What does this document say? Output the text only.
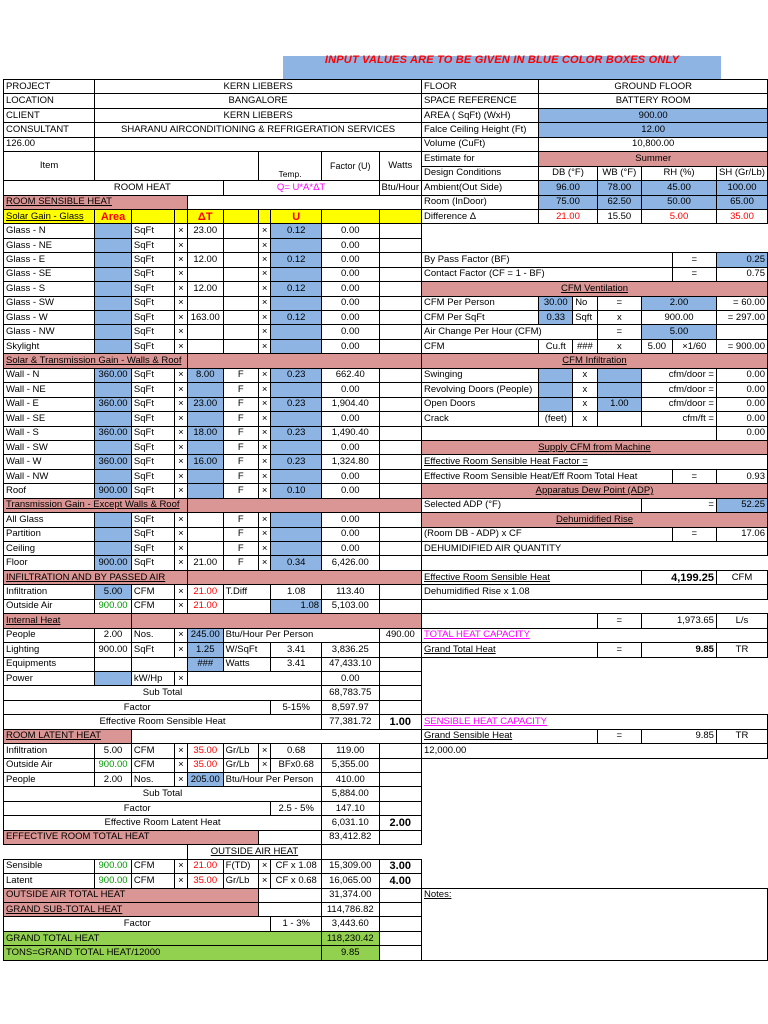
INPUT VALUES ARE TO BE GIVEN IN BLUE COLOR BOXES ONLY
PROJECT	KERN LIEBERS									FLOOR	GROUND FLOOR					
LOCATION	BANGALORE									SPACE REFERENCE	BATTERY ROOM					
CLIENT	KERN LIEBERS									AREA ( SqFt) (WxH)	900.00					
CONSULTANT	SHARANU AIRCONDITIONING & REFRIGERATION SERVICES									Falce Ceiling Height (Ft)	12.00					
126.00										Volume (CuFt)	10,800.00					
Item						Temp.		Factor (U)	Watts	Estimate for	Summer					
										Design Conditions	DB (°F)		WB (°F)	RH (%)		SH (Gr/Lb)
ROOM HEAT					Q= U*A*ΔT				Btu/Hour	Ambient(Out Side)	96.00		78.00	45.00		100.00
ROOM SENSIBLE HEAT										Room (InDoor)	75.00		62.50	50.00		65.00
Solar Gain - Glass	Area			ΔT			U			Difference Δ	21.00		15.50	5.00		35.00
Glass - N		SqFt	×	23.00		×	0.12	0.00								
Glass - NE		SqFt	×			×		0.00								
Glass - E		SqFt	×	12.00		×	0.12	0.00		By Pass Factor (BF)					=	0.25
Glass - SE		SqFt	×			×		0.00		Contact Factor (CF = 1 - BF)					=	0.75
Glass - S		SqFt	×	12.00		×	0.12	0.00		CFM Ventilation						
Glass - SW		SqFt	×			×		0.00		CFM Per Person	30.00	No	=	2.00		= 60.00
Glass - W		SqFt	×	163.00		×	0.12	0.00		CFM Per SqFt	0.33	Sqft	x	900.00		= 297.00
Glass - NW		SqFt	×			×		0.00		Air Change Per Hour (CFM)			=	5.00		
Skylight		SqFt	×			×		0.00		CFM	Cu.ft	###	x	5.00	×1/60	= 900.00
Solar & Transmission Gain - Walls & Roof										CFM Infiltration						
Wall - N	360.00	SqFt	×	8.00	F	×	0.23	662.40		Swinging		x		cfm/door =		0.00
Wall - NE		SqFt	×		F	×		0.00		Revolving Doors (People)		x		cfm/door =		0.00
Wall - E	360.00	SqFt	×	23.00	F	×	0.23	1,904.40		Open Doors		x	1.00	cfm/door =		0.00
Wall - SE		SqFt	×		F	×		0.00		Crack	(feet)	x		cfm/ft =		0.00
Wall - S	360.00	SqFt	×	18.00	F	×	0.23	1,490.40								0.00
Wall - SW		SqFt	×		F	×		0.00		Supply CFM from Machine						
Wall - W	360.00	SqFt	×	16.00	F	×	0.23	1,324.80		Effective Room Sensible Heat Factor =						
Wall - NW		SqFt	×		F	×		0.00		Effective Room Sensible Heat/Eff Room Total Heat					=	0.93
Roof	900.00	SqFt	×		F	×	0.10	0.00		Apparatus Dew Point (ADP)						
Transmission Gain - Except Walls & Roof										Selected ADP (°F)				=		52.25
All Glass		SqFt	×		F	×		0.00		Dehumidified Rise						
Partition		SqFt	×		F	×		0.00		(Room DB - ADP) x CF					=	17.06
Ceiling		SqFt	×		F	×		0.00		DEHUMIDIFIED AIR QUANTITY						
Floor	900.00	SqFt	×	21.00	F	×	0.34	6,426.00								
INFILTRATION AND BY PASSED AIR										Effective Room Sensible Heat				4,199.25		CFM
Infiltration	5.00	CFM	×	21.00	T.Diff		1.08	113.40		Dehumidified Rise x 1.08						
Outside Air	900.00	CFM	×	21.00			1.08	5,103.00								
Internal Heat													=	1,973.65		L/s
People	2.00	Nos.	×	245.00	Btu/Hour Per Person				490.00	TOTAL HEAT CAPACITY						
Lighting	900.00	SqFt	×	1.25	W/SqFt		3.41	3,836.25		Grand Total Heat			=	9.85		TR
Equipments				###	Watts		3.41	47,433.10								
Power		kW/Hp	×					0.00								
Sub Total								68,783.75								
Factor							5-15%	8,597.97								
Effective Room Sensible Heat								77,381.72	1.00	SENSIBLE HEAT CAPACITY						
ROOM LATENT HEAT										Grand Sensible Heat			=	9.85		TR
Infiltration	5.00	CFM	×	35.00	Gr/Lb	×	0.68	119.00		12,000.00						
Outside Air	900.00	CFM	×	35.00	Gr/Lb	×	BFx0.68	5,355.00								
People	2.00	Nos.	×	205.00	Btu/Hour Per Person			410.00								
Sub Total								5,884.00								
Factor							2.5 - 5%	147.10								
Effective Room Latent Heat								6,031.10	2.00							
EFFECTIVE ROOM TOTAL HEAT								83,412.82								
				OUTSIDE AIR HEAT												
Sensible	900.00	CFM	×	21.00	F(TD)	×	CF x 1.08	15,309.00	3.00							
Latent	900.00	CFM	×	35.00	Gr/Lb	×	CF x 0.68	16,065.00	4.00							
OUTSIDE AIR TOTAL HEAT								31,374.00		Notes:						
GRAND SUB-TOTAL HEAT								114,786.82								
Factor							1 - 3%	3,443.60								
GRAND TOTAL HEAT								118,230.42								
TONS=GRAND TOTAL HEAT/12000								9.85								
